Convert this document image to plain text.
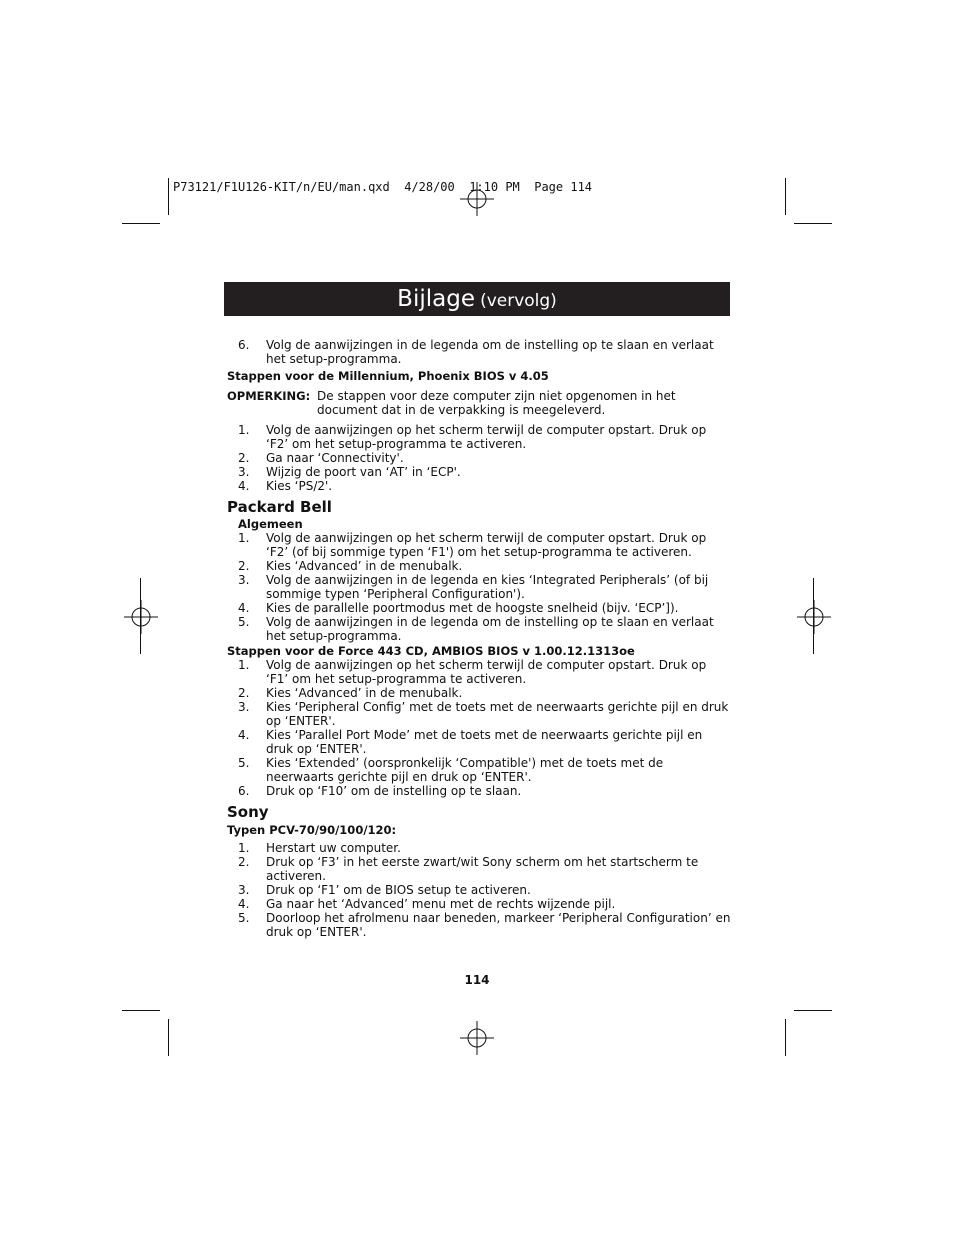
P73121/F1U126-KIT/n/EU/man.qxd  4/28/00  1:10 PM  Page 114
Bijlage (vervolg)
6. Volg de aanwijzingen in de legenda om de instelling op te slaan en verlaat het setup-programma.
Stappen voor de Millennium, Phoenix BIOS v 4.05
OPMERKING: De stappen voor deze computer zijn niet opgenomen in het document dat in de verpakking is meegeleverd.
1. Volg de aanwijzingen op het scherm terwijl de computer opstart. Druk op ‘F2’ om het setup-programma te activeren.
2. Ga naar ‘Connectivity'.
3. Wijzig de poort van ‘AT’ in ‘ECP'.
4. Kies ‘PS/2'.
Packard Bell
Algemeen
1. Volg de aanwijzingen op het scherm terwijl de computer opstart. Druk op ‘F2’ (of bij sommige typen ‘F1') om het setup-programma te activeren.
2. Kies ‘Advanced’ in de menubalk.
3. Volg de aanwijzingen in de legenda en kies ‘Integrated Peripherals’ (of bij sommige typen ‘Peripheral Configuration').
4. Kies de parallelle poortmodus met de hoogste snelheid (bijv. ‘ECP’]).
5. Volg de aanwijzingen in de legenda om de instelling op te slaan en verlaat het setup-programma.
Stappen voor de Force 443 CD, AMBIOS BIOS v 1.00.12.1313oe
1. Volg de aanwijzingen op het scherm terwijl de computer opstart. Druk op ‘F1’ om het setup-programma te activeren.
2. Kies ‘Advanced’ in de menubalk.
3. Kies ‘Peripheral Config’ met de toets met de neerwaarts gerichte pijl en druk op ‘ENTER'.
4. Kies ‘Parallel Port Mode’ met de toets met de neerwaarts gerichte pijl en druk op ‘ENTER'.
5. Kies ‘Extended’ (oorspronkelijk ‘Compatible') met de toets met de neerwaarts gerichte pijl en druk op ‘ENTER'.
6. Druk op ‘F10’ om de instelling op te slaan.
Sony
Typen PCV-70/90/100/120:
1. Herstart uw computer.
2. Druk op ‘F3’ in het eerste zwart/wit Sony scherm om het startscherm te activeren.
3. Druk op ‘F1’ om de BIOS setup te activeren.
4. Ga naar het ‘Advanced’ menu met de rechts wijzende pijl.
5. Doorloop het afrolmenu naar beneden, markeer ‘Peripheral Configuration’ en druk op ‘ENTER'.
114
